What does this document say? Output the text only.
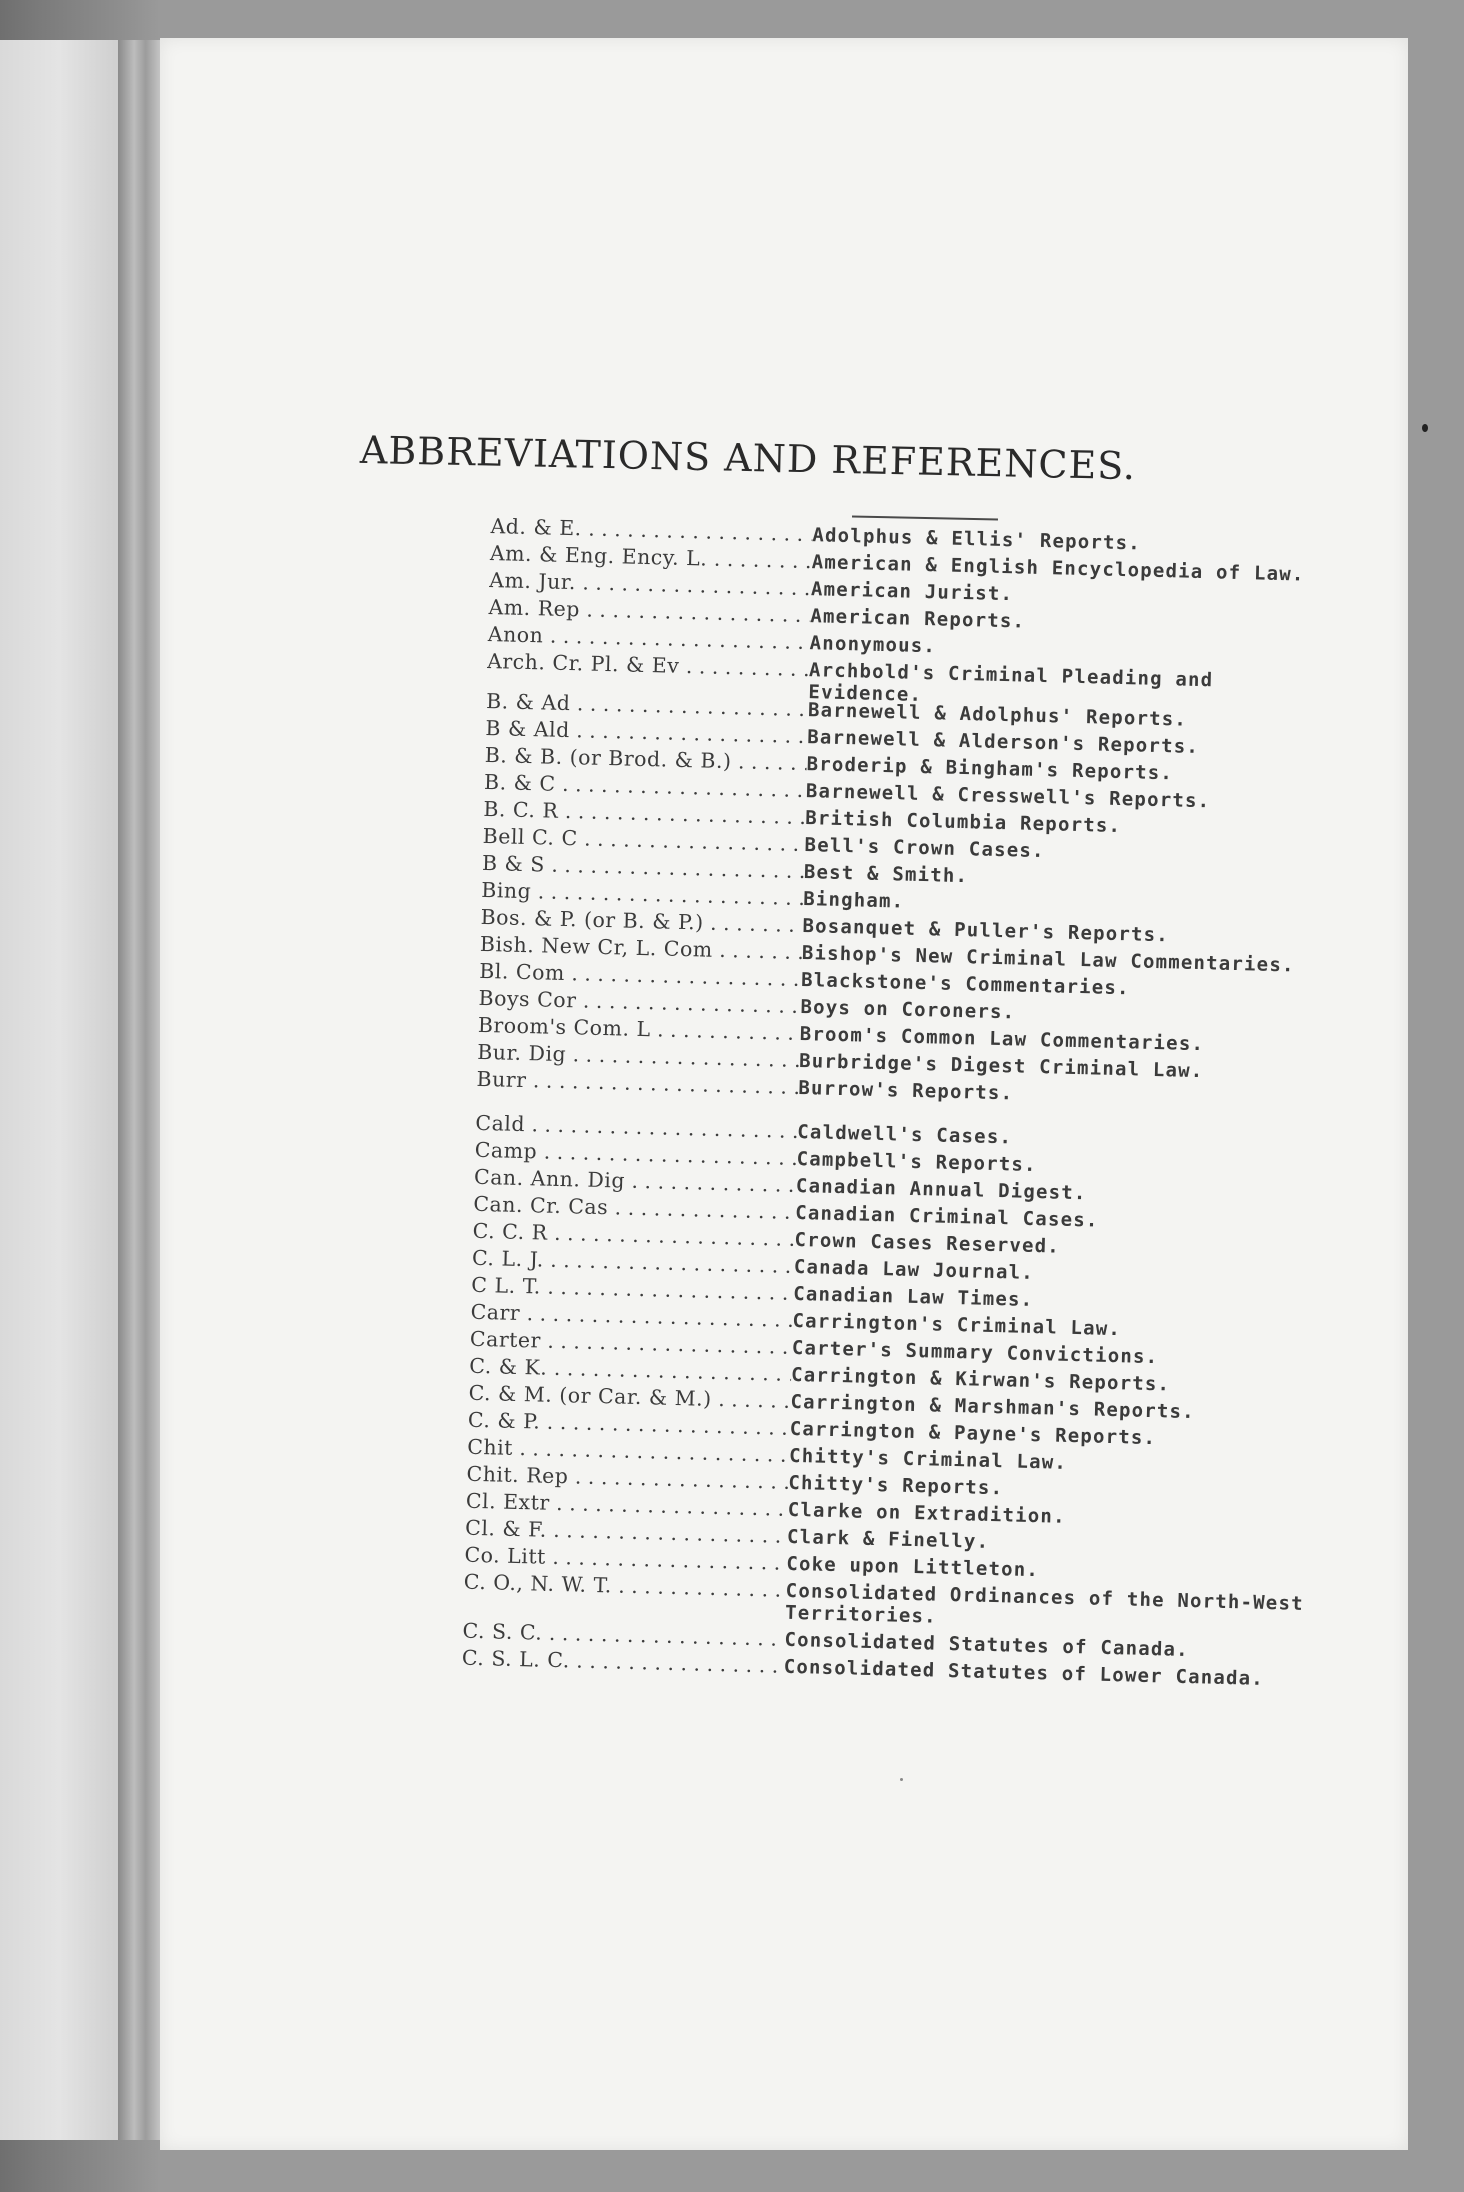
ABBREVIATIONS AND REFERENCES.
Ad. & E. . . .	Adolphus & Ellis' Reports.
Am. & Eng. Ency. L. . . .	American & English Encyclopedia of Law.
Am. Jur. . . .	American Jurist.
Am. Rep . . .	American Reports.
Anon . . .	Anonymous.
Arch. Cr. Pl. & Ev . . .	Archbold's Criminal Pleading and Evidence.
B. & Ad . . .	Barnewell & Adolphus' Reports.
B & Ald . . .	Barnewell & Alderson's Reports.
B. & B. (or Brod. & B.) . . .	Broderip & Bingham's Reports.
B. & C . . .	Barnewell & Cresswell's Reports.
B. C. R . . .	British Columbia Reports.
Bell C. C . . .	Bell's Crown Cases.
B & S . . .	Best & Smith.
Bing . . .	Bingham.
Bos. & P. (or B. & P.) . . .	Bosanquet & Puller's Reports.
Bish. New Cr, L. Com . . .	Bishop's New Criminal Law Commentaries.
Bl. Com . . .	Blackstone's Commentaries.
Boys Cor . . .	Boys on Coroners.
Broom's Com. L . . .	Broom's Common Law Commentaries.
Bur. Dig . . .	Burbridge's Digest Criminal Law.
Burr . . .	Burrow's Reports.
Cald . . .	Caldwell's Cases.
Camp . . .	Campbell's Reports.
Can. Ann. Dig . . .	Canadian Annual Digest.
Can. Cr. Cas . . .	Canadian Criminal Cases.
C. C. R . . .	Crown Cases Reserved.
C. L. J. . . .	Canada Law Journal.
C L. T. . . .	Canadian Law Times.
Carr . . .	Carrington's Criminal Law.
Carter . . .	Carter's Summary Convictions.
C. & K. . . .	Carrington & Kirwan's Reports.
C. & M. (or Car. & M.) . . .	Carrington & Marshman's Reports.
C. & P. . . .	Carrington & Payne's Reports.
Chit . . .	Chitty's Criminal Law.
Chit. Rep . . .	Chitty's Reports.
Cl. Extr . . .	Clarke on Extradition.
Cl. & F. . . .	Clark & Finelly.
Co. Litt . . .	Coke upon Littleton.
C. O., N. W. T. . . .	Consolidated Ordinances of the North-West Territories.
C. S. C. . . .	Consolidated Statutes of Canada.
C. S. L. C. . . .	Consolidated Statutes of Lower Canada.
